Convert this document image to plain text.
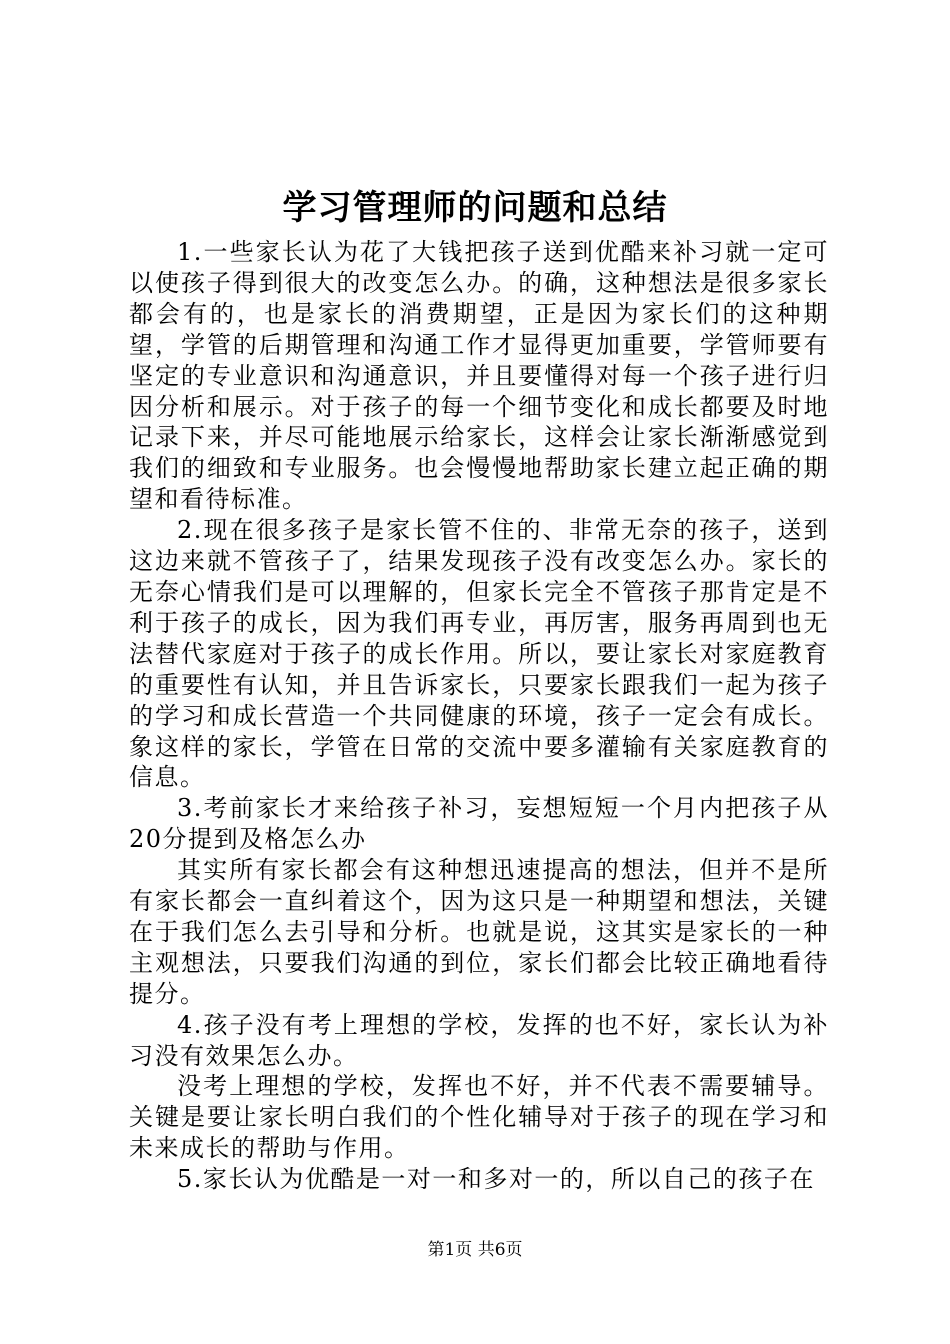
学习管理师的问题和总结

1.一些家长认为花了大钱把孩子送到优酷来补习就一定可以使孩子得到很大的改变怎么办。的确，这种想法是很多家长都会有的，也是家长的消费期望，正是因为家长们的这种期望，学管的后期管理和沟通工作才显得更加重要，学管师要有坚定的专业意识和沟通意识，并且要懂得对每一个孩子进行归因分析和展示。对于孩子的每一个细节变化和成长都要及时地记录下来，并尽可能地展示给家长，这样会让家长渐渐感觉到我们的细致和专业服务。也会慢慢地帮助家长建立起正确的期望和看待标准。

2.现在很多孩子是家长管不住的、非常无奈的孩子，送到这边来就不管孩子了，结果发现孩子没有改变怎么办。家长的无奈心情我们是可以理解的，但家长完全不管孩子那肯定是不利于孩子的成长，因为我们再专业，再厉害，服务再周到也无法替代家庭对于孩子的成长作用。所以，要让家长对家庭教育的重要性有认知，并且告诉家长，只要家长跟我们一起为孩子的学习和成长营造一个共同健康的环境，孩子一定会有成长。象这样的家长，学管在日常的交流中要多灌输有关家庭教育的信息。

3.考前家长才来给孩子补习，妄想短短一个月内把孩子从20分提到及格怎么办

其实所有家长都会有这种想迅速提高的想法，但并不是所有家长都会一直纠着这个，因为这只是一种期望和想法，关键在于我们怎么去引导和分析。也就是说，这其实是家长的一种主观想法，只要我们沟通的到位，家长们都会比较正确地看待提分。

4.孩子没有考上理想的学校，发挥的也不好，家长认为补习没有效果怎么办。

没考上理想的学校，发挥也不好，并不代表不需要辅导。关键是要让家长明白我们的个性化辅导对于孩子的现在学习和未来成长的帮助与作用。

5.家长认为优酷是一对一和多对一的，所以自己的孩子在

第1页 共6页
